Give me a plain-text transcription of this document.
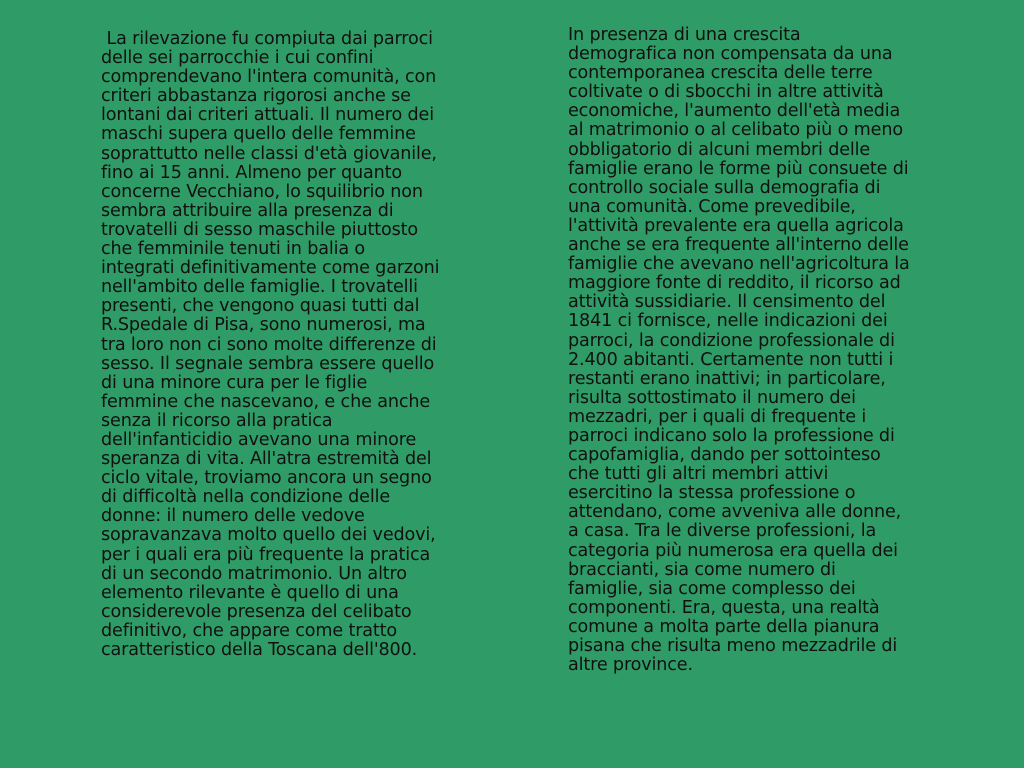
La rilevazione fu compiuta dai parroci
delle sei parrocchie i cui confini
comprendevano l'intera comunità, con
criteri abbastanza rigorosi anche se
lontani dai criteri attuali. Il numero dei
maschi supera quello delle femmine
soprattutto nelle classi d'età giovanile,
fino ai 15 anni. Almeno per quanto
concerne Vecchiano, lo squilibrio non
sembra attribuire alla presenza di
trovatelli di sesso maschile piuttosto
che femminile tenuti in balia o
integrati definitivamente come garzoni
nell'ambito delle famiglie. I trovatelli
presenti, che vengono quasi tutti dal
R.Spedale di Pisa, sono numerosi, ma
tra loro non ci sono molte differenze di
sesso. Il segnale sembra essere quello
di una minore cura per le figlie
femmine che nascevano, e che anche
senza il ricorso alla pratica
dell'infanticidio avevano una minore
speranza di vita. All'atra estremità del
ciclo vitale, troviamo ancora un segno
di difficoltà nella condizione delle
donne: il numero delle vedove
sopravanzava molto quello dei vedovi,
per i quali era più frequente la pratica
di un secondo matrimonio. Un altro
elemento rilevante è quello di una
considerevole presenza del celibato
definitivo, che appare come tratto
caratteristico della Toscana dell'800.
In presenza di una crescita
demografica non compensata da una
contemporanea crescita delle terre
coltivate o di sbocchi in altre attività
economiche, l'aumento dell'età media
al matrimonio o al celibato più o meno
obbligatorio di alcuni membri delle
famiglie erano le forme più consuete di
controllo sociale sulla demografia di
una comunità. Come prevedibile,
l'attività prevalente era quella agricola
anche se era frequente all'interno delle
famiglie che avevano nell'agricoltura la
maggiore fonte di reddito, il ricorso ad
attività sussidiarie. Il censimento del
1841 ci fornisce, nelle indicazioni dei
parroci, la condizione professionale di
2.400 abitanti. Certamente non tutti i
restanti erano inattivi; in particolare,
risulta sottostimato il numero dei
mezzadri, per i quali di frequente i
parroci indicano solo la professione di
capofamiglia, dando per sottointeso
che tutti gli altri membri attivi
esercitino la stessa professione o
attendano, come avveniva alle donne,
a casa. Tra le diverse professioni, la
categoria più numerosa era quella dei
braccianti, sia come numero di
famiglie, sia come complesso dei
componenti. Era, questa, una realtà
comune a molta parte della pianura
pisana che risulta meno mezzadrile di
altre province.
